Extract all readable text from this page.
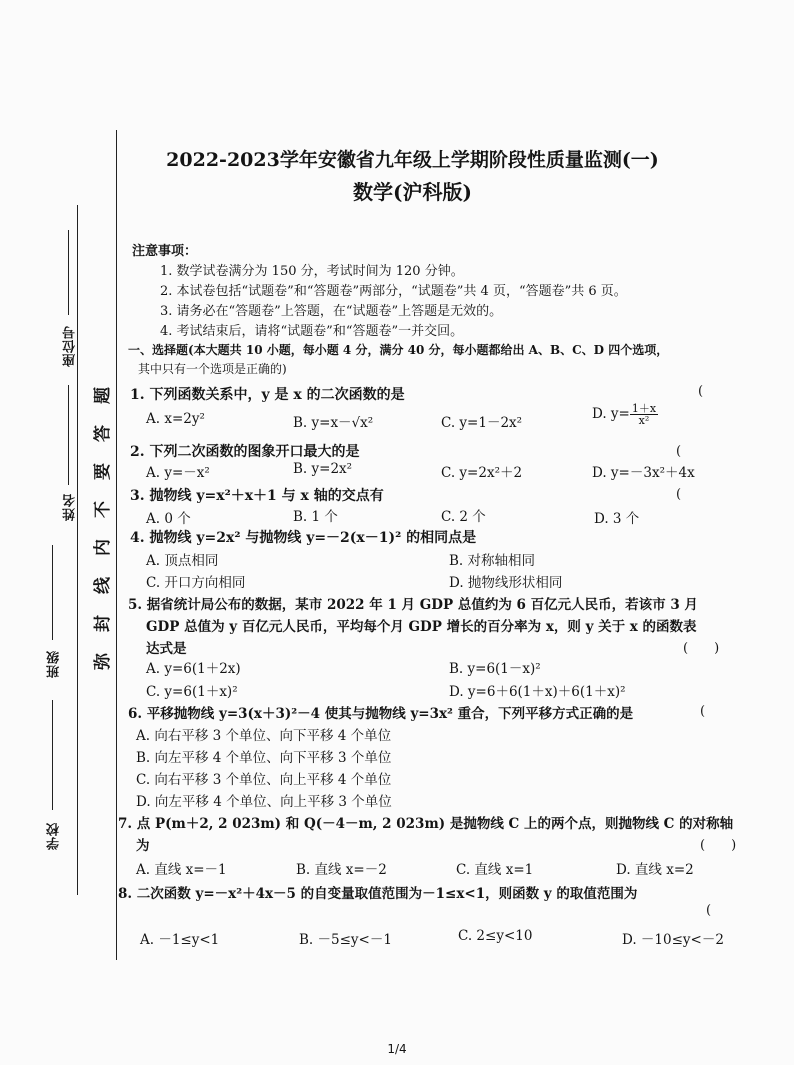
座位号
姓名
班级
学校
题
答
要
不
内
线
封
弥
2022-2023学年安徽省九年级上学期阶段性质量监测(一)
数学(沪科版)
注意事项：
1. 数学试卷满分为 150 分，考试时间为 120 分钟。
2. 本试卷包括“试题卷”和“答题卷”两部分，“试题卷”共 4 页，“答题卷”共 6 页。
3. 请务必在“答题卷”上答题，在“试题卷”上答题是无效的。
4. 考试结束后，请将“试题卷”和“答题卷”一并交回。
一、选择题(本大题共 10 小题，每小题 4 分，满分 40 分，每小题都给出 A、B、C、D 四个选项，
其中只有一个选项是正确的)
1. 下列函数关系中，y 是 x 的二次函数的是	(
A. x=2y²	B. y=x－√x²	C. y=1－2x²
D. $y= \frac{1+x}{\text{x²}}$
2. 下列二次函数的图象开口最大的是	(
A. y=－x²	B. y=2x²	C. y=2x²＋2	D. y=－3x²＋4x
3. 抛物线 y=x²＋x＋1 与 x 轴的交点有	(
A. 0 个	B. 1 个	C. 2 个	D. 3 个
4. 抛物线 y=2x² 与抛物线 y=－2(x－1)² 的相同点是
A. 顶点相同	B. 对称轴相同
C. 开口方向相同	D. 抛物线形状相同
5. 据省统计局公布的数据，某市 2022 年 1 月 GDP 总值约为 6 百亿元人民币，若该市 3 月
GDP 总值为 y 百亿元人民币，平均每个月 GDP 增长的百分率为 x，则 y 关于 x 的函数表
达式是	(　　)
A. y=6(1＋2x)	B. y=6(1－x)²
C. y=6(1＋x)²	D. y=6＋6(1＋x)＋6(1＋x)²
6. 平移抛物线 y=3(x＋3)²－4 使其与抛物线 y=3x² 重合，下列平移方式正确的是	(
A. 向右平移 3 个单位、向下平移 4 个单位
B. 向左平移 4 个单位、向下平移 3 个单位
C. 向右平移 3 个单位、向上平移 4 个单位
D. 向左平移 4 个单位、向上平移 3 个单位
7. 点 P(m＋2, 2 023m) 和 Q(－4－m, 2 023m) 是抛物线 C 上的两个点，则抛物线 C 的对称轴
为	(　　)
A. 直线 x=－1	B. 直线 x=－2	C. 直线 x=1	D. 直线 x=2
8. 二次函数 y=－x²＋4x－5 的自变量取值范围为－1≤x<1，则函数 y 的取值范围为
(
A. －1≤y<1	B. －5≤y<－1	C. 2≤y<10	D. －10≤y<－2
1/4
